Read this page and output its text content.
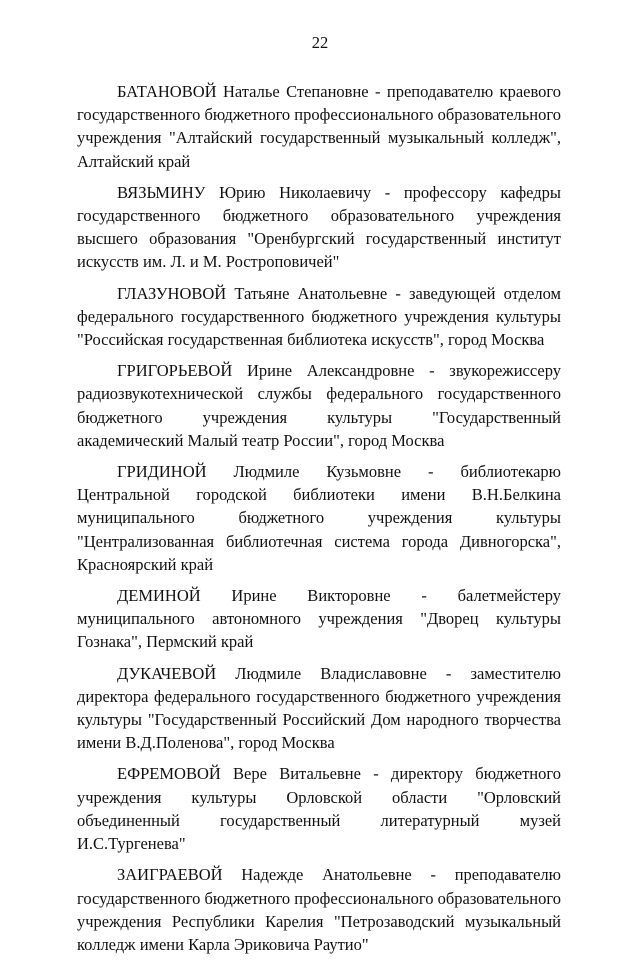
22

БАТАНОВОЙ Наталье Степановне - преподавателю краевого государственного бюджетного профессионального образовательного учреждения "Алтайский государственный музыкальный колледж", Алтайский край

ВЯЗЬМИНУ Юрию Николаевичу - профессору кафедры государственного бюджетного образовательного учреждения высшего образования "Оренбургский государственный институт искусств им. Л. и М. Ростроповичей"

ГЛАЗУНОВОЙ Татьяне Анатольевне - заведующей отделом федерального государственного бюджетного учреждения культуры "Российская государственная библиотека искусств", город Москва

ГРИГОРЬЕВОЙ Ирине Александровне - звукорежиссеру радиозвукотехнической службы федерального государственного бюджетного учреждения культуры "Государственный академический Малый театр России", город Москва

ГРИДИНОЙ Людмиле Кузьмовне - библиотекарю Центральной городской библиотеки имени В.Н.Белкина муниципального бюджетного учреждения культуры "Централизованная библиотечная система города Дивногорска", Красноярский край

ДЕМИНОЙ Ирине Викторовне - балетмейстеру муниципального автономного учреждения "Дворец культуры Гознака", Пермский край

ДУКАЧЕВОЙ Людмиле Владиславовне - заместителю директора федерального государственного бюджетного учреждения культуры "Государственный Российский Дом народного творчества имени В.Д.Поленова", город Москва

ЕФРЕМОВОЙ Вере Витальевне - директору бюджетного учреждения культуры Орловской области "Орловский объединенный государственный литературный музей И.С.Тургенева"

ЗАИГРАЕВОЙ Надежде Анатольевне - преподавателю государственного бюджетного профессионального образовательного учреждения Республики Карелия "Петрозаводский музыкальный колледж имени Карла Эриковича Раутио"
